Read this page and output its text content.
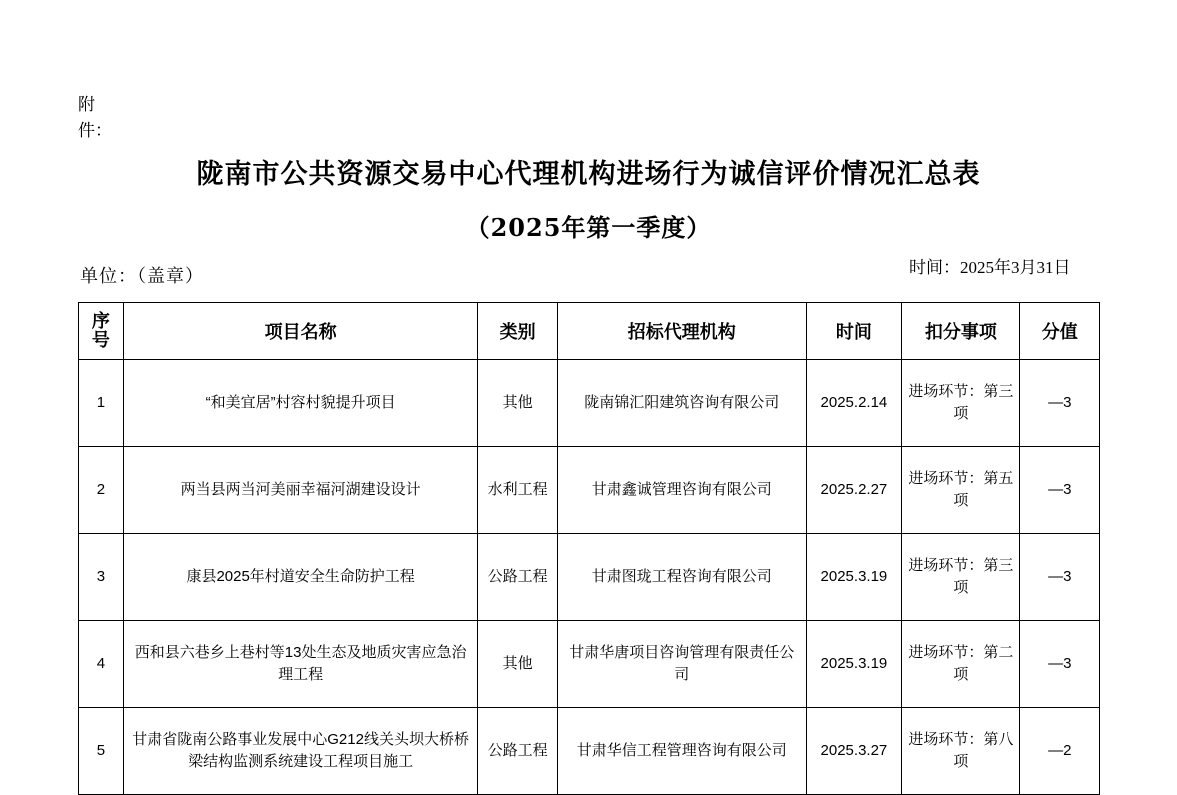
附件：
陇南市公共资源交易中心代理机构进场行为诚信评价情况汇总表
（2025年第一季度）
单位：（盖章）	时间：2025年3月31日
序号	项目名称	类别	招标代理机构	时间	扣分事项	分值
1	“和美宜居”村容村貌提升项目	其他	陇南锦汇阳建筑咨询有限公司	2025.2.14	进场环节：第三项	—3
2	两当县两当河美丽幸福河湖建设设计	水利工程	甘肃鑫诚管理咨询有限公司	2025.2.27	进场环节：第五项	—3
3	康县2025年村道安全生命防护工程	公路工程	甘肃图珑工程咨询有限公司	2025.3.19	进场环节：第三项	—3
4	西和县六巷乡上巷村等13处生态及地质灾害应急治理工程	其他	甘肃华唐项目咨询管理有限责任公司	2025.3.19	进场环节：第二项	—3
5	甘肃省陇南公路事业发展中心G212线关头坝大桥桥梁结构监测系统建设工程项目施工	公路工程	甘肃华信工程管理咨询有限公司	2025.3.27	进场环节：第八项	—2
